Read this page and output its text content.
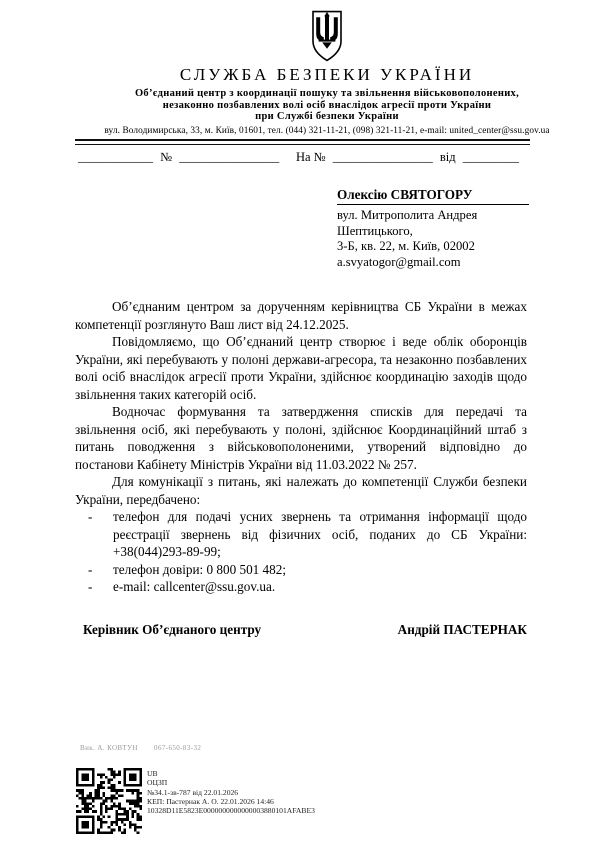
СЛУЖБА БЕЗПЕКИ УКРАЇНИ
Об’єднаний центр з координації пошуку та звільнення військовополонених,
незаконно позбавлених волі осіб внаслідок агресії проти України
при Службі безпеки України
вул. Володимирська, 33, м. Київ, 01601, тел. (044) 321-11-21, (098) 321-11-21, e-mail: united_center@ssu.gov.ua
____________ № ________________	На № ________________ від _________
Олексію СВЯТОГОРУ
вул. Митрополита Андрея Шептицького,
3-Б, кв. 22, м. Київ, 02002
a.svyatogor@gmail.com

Об’єднаним центром за дорученням керівництва СБ України в межах компетенції розглянуто Ваш лист від 24.12.2025.

Повідомляємо, що Об’єднаний центр створює і веде облік оборонців України, які перебувають у полоні держави-агресора, та незаконно позбавлених волі осіб внаслідок агресії проти України, здійснює координацію заходів щодо звільнення таких категорій осіб.

Водночас формування та затвердження списків для передачі та звільнення осіб, які перебувають у полоні, здійснює Координаційний штаб з питань поводження з військовополоненими, утворений відповідно до постанови Кабінету Міністрів України від 11.03.2022 № 257.

Для комунікації з питань, які належать до компетенції Служби безпеки України, передбачено:

-	телефон для подачі усних звернень та отримання інформації щодо реєстрації звернень від фізичних осіб, поданих до СБ України: +38(044)293-89-99;
-	телефон довіри: 0 800 501 482;
-	e-mail: callcenter@ssu.gov.ua.
Керівник Об’єднаного центру	Андрій ПАСТЕРНАК
Вик. А. КОВТУН 067-650-83-32
UB
ОЦЗП
№34.1-зв-787 від 22.01.2026
КЕП: Пастернак А. О. 22.01.2026 14:46
10328D11E5823E0000000000000003880101AFABE3
